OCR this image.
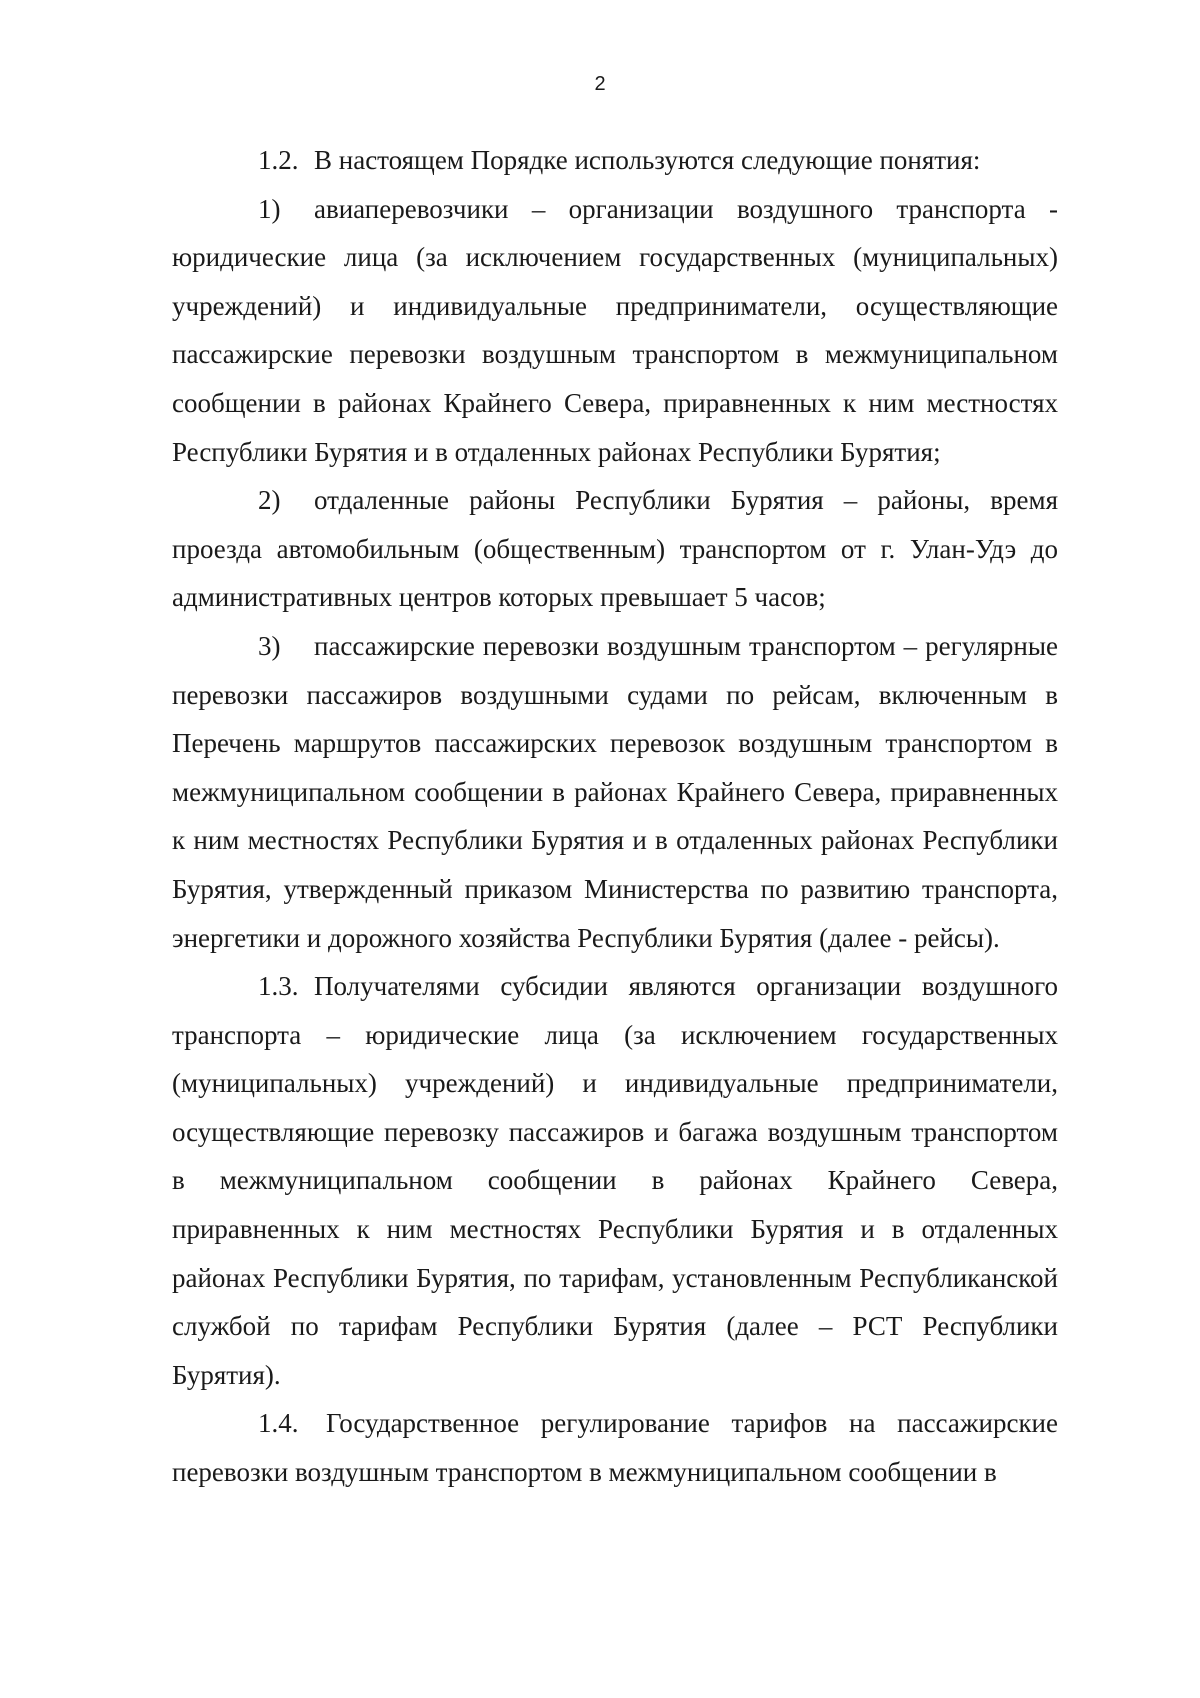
2

1.2. В настоящем Порядке используются следующие понятия:

1) авиаперевозчики – организации воздушного транспорта - юридические лица (за исключением государственных (муниципальных) учреждений) и индивидуальные предприниматели, осуществляющие пассажирские перевозки воздушным транспортом в межмуниципальном сообщении в районах Крайнего Севера, приравненных к ним местностях Республики Бурятия и в отдаленных районах Республики Бурятия;

2) отдаленные районы Республики Бурятия – районы, время проезда автомобильным (общественным) транспортом от г. Улан-Удэ до административных центров которых превышает 5 часов;

3) пассажирские перевозки воздушным транспортом – регулярные перевозки пассажиров воздушными судами по рейсам, включенным в Перечень маршрутов пассажирских перевозок воздушным транспортом в межмуниципальном сообщении в районах Крайнего Севера, приравненных к ним местностях Республики Бурятия и в отдаленных районах Республики Бурятия, утвержденный приказом Министерства по развитию транспорта, энергетики и дорожного хозяйства Республики Бурятия (далее - рейсы).

1.3. Получателями субсидии являются организации воздушного транспорта – юридические лица (за исключением государственных (муниципальных) учреждений) и индивидуальные предприниматели, осуществляющие перевозку пассажиров и багажа воздушным транспортом в межмуниципальном сообщении в районах Крайнего Севера, приравненных к ним местностях Республики Бурятия и в отдаленных районах Республики Бурятия, по тарифам, установленным Республиканской службой по тарифам Республики Бурятия (далее – РСТ Республики Бурятия).

1.4. Государственное регулирование тарифов на пассажирские перевозки воздушным транспортом в межмуниципальном сообщении в
